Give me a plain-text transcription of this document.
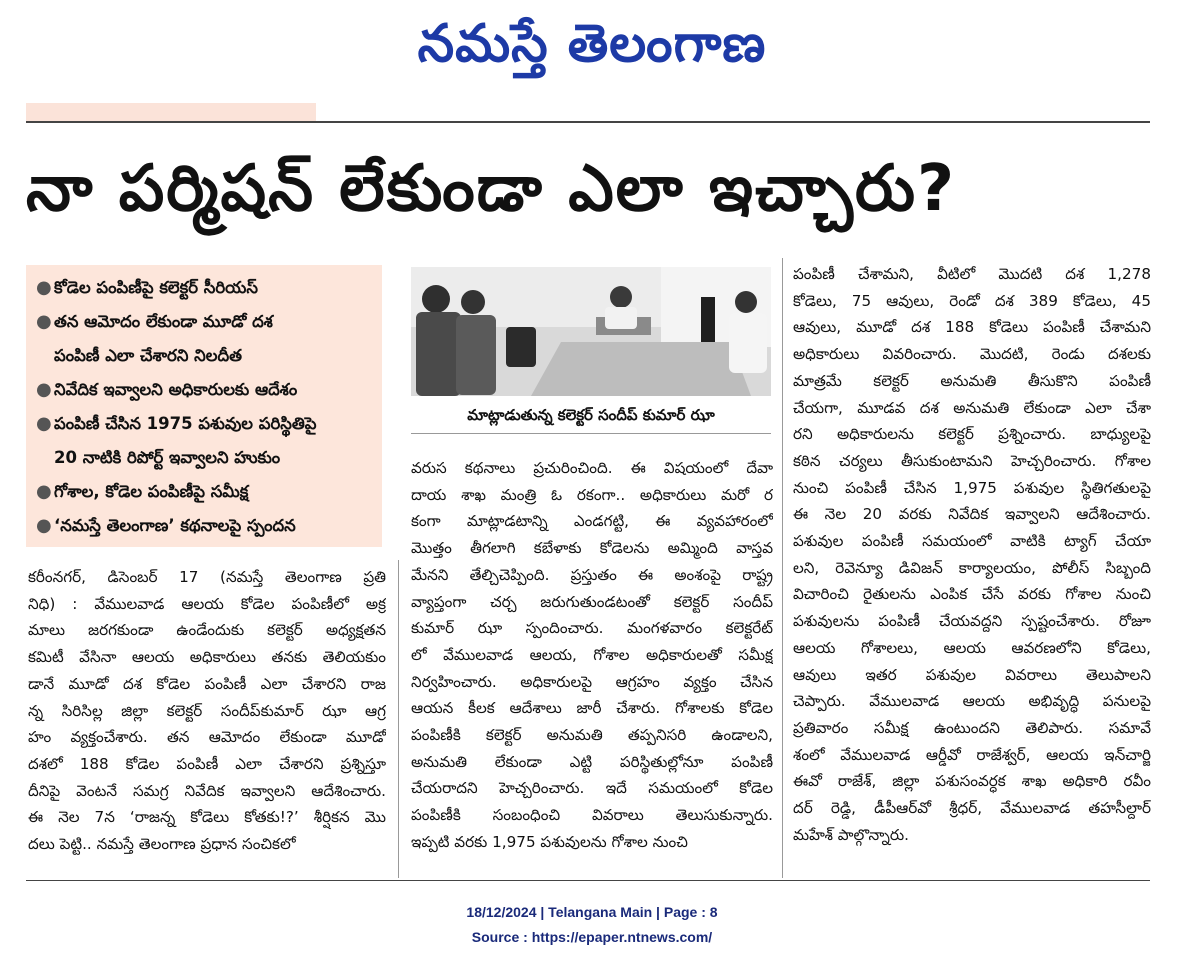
నమస్తే తెలంగాణ
నా పర్మిషన్ లేకుండా ఎలా ఇచ్చారు?
● కోడెల పంపిణీపై కలెక్టర్ సీరియస్
● తన ఆమోదం లేకుండా మూడో దశ
పంపిణీ ఎలా చేశారని నిలదీత
● నివేదిక ఇవ్వాలని అధికారులకు ఆదేశం
● పంపిణీ చేసిన 1975 పశువుల పరిస్థితిపై
20 నాటికి రిపోర్ట్ ఇవ్వాలని హుకుం
● గోశాల, కోడెల పంపిణీపై సమీక్ష
● ‘నమస్తే తెలంగాణ’ కథనాలపై స్పందన
మాట్లాడుతున్న కలెక్టర్ సందీప్ కుమార్ ఝా
కరీంనగర్, డిసెంబర్ 17 (నమస్తే తెలంగాణ ప్రతి
నిధి) : వేములవాడ ఆలయ కోడెల పంపిణీలో అక్ర
మాలు జరగకుండా ఉండేందుకు కలెక్టర్ అధ్యక్షతన
కమిటీ వేసినా ఆలయ అధికారులు తనకు తెలియకుం
డానే మూడో దశ కోడెల పంపిణీ ఎలా చేశారని రాజ
న్న సిరిసిల్ల జిల్లా కలెక్టర్ సందీప్‌కుమార్ ఝా ఆగ్ర
హం వ్యక్తంచేశారు. తన ఆమోదం లేకుండా మూడో
దశలో 188 కోడెల పంపిణీ ఎలా చేశారని ప్రశ్నిస్తూ
దీనిపై వెంటనే సమగ్ర నివేదిక ఇవ్వాలని ఆదేశించారు.
ఈ నెల 7న ‘రాజన్న కోడెలు కోతకు!?’ శీర్షికన మొ
దలు పెట్టి.. నమస్తే తెలంగాణ ప్రధాన సంచికలో
వరుస కథనాలు ప్రచురించింది. ఈ విషయంలో దేవా
దాయ శాఖ మంత్రి ఓ రకంగా.. అధికారులు మరో ర
కంగా మాట్లాడటాన్ని ఎండగట్టి, ఈ వ్యవహారంలో
మొత్తం తీగలాగి కబేళాకు కోడెలను అమ్మింది వాస్తవ
మేనని తేల్చిచెప్పింది. ప్రస్తుతం ఈ అంశంపై రాష్ట్ర
వ్యాప్తంగా చర్చ జరుగుతుండటంతో కలెక్టర్ సందీప్
కుమార్ ఝా స్పందించారు. మంగళవారం కలెక్టరేట్
లో వేములవాడ ఆలయ, గోశాల అధికారులతో సమీక్ష
నిర్వహించారు. అధికారులపై ఆగ్రహం వ్యక్తం చేసిన
ఆయన కీలక ఆదేశాలు జారీ చేశారు. గోశాలకు కోడెల
పంపిణీకి కలెక్టర్ అనుమతి తప్పనిసరి ఉండాలని,
అనుమతి లేకుండా ఎట్టి పరిస్థితుల్లోనూ పంపిణీ
చేయరాదని హెచ్చరించారు. ఇదే సమయంలో కోడెల
పంపిణీకి సంబంధించి వివరాలు తెలుసుకున్నారు.
ఇప్పటి వరకు 1,975 పశువులను గోశాల నుంచి
పంపిణీ చేశామని, వీటిలో మొదటి దశ 1,278
కోడెలు, 75 ఆవులు, రెండో దశ 389 కోడెలు, 45
ఆవులు, మూడో దశ 188 కోడెలు పంపిణీ చేశామని
అధికారులు వివరించారు. మొదటి, రెండు దశలకు
మాత్రమే కలెక్టర్ అనుమతి తీసుకొని పంపిణీ
చేయగా, మూడవ దశ అనుమతి లేకుండా ఎలా చేశా
రని అధికారులను కలెక్టర్ ప్రశ్నించారు. బాధ్యులపై
కఠిన చర్యలు తీసుకుంటామని హెచ్చరించారు. గోశాల
నుంచి పంపిణీ చేసిన 1,975 పశువుల స్థితిగతులపై
ఈ నెల 20 వరకు నివేదిక ఇవ్వాలని ఆదేశించారు.
పశువుల పంపిణీ సమయంలో వాటికి ట్యాగ్ చేయా
లని, రెవెన్యూ డివిజన్ కార్యాలయం, పోలీస్ సిబ్బంది
విచారించి రైతులను ఎంపిక చేసే వరకు గోశాల నుంచి
పశువులను పంపిణీ చేయవద్దని స్పష్టంచేశారు. రోజూ
ఆలయ గోశాలలు, ఆలయ ఆవరణలోని కోడెలు,
ఆవులు ఇతర పశువుల వివరాలు తెలుపాలని
చెప్పారు. వేములవాడ ఆలయ అభివృద్ధి పనులపై
ప్రతివారం సమీక్ష ఉంటుందని తెలిపారు. సమావే
శంలో వేములవాడ ఆర్డీవో రాజేశ్వర్, ఆలయ ఇన్‌చార్జి
ఈవో రాజేశ్, జిల్లా పశుసంవర్ధక శాఖ అధికారి రవీం
దర్ రెడ్డి, డీపీఆర్‌వో శ్రీధర్, వేములవాడ తహసీల్దార్
మహేశ్ పాల్గొన్నారు.
18/12/2024 | Telangana Main | Page : 8
Source : https://epaper.ntnews.com/
